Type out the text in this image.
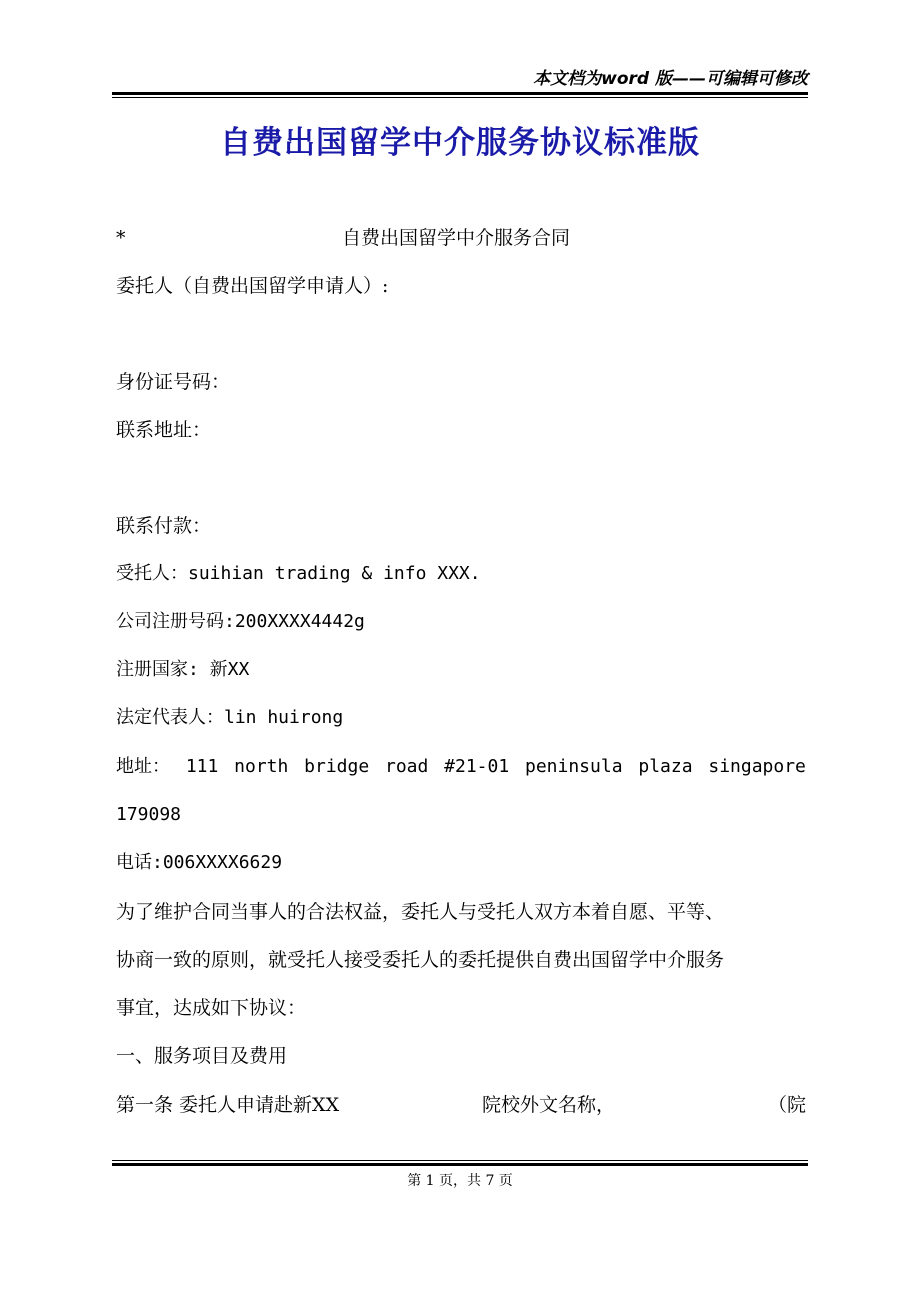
本文档为word 版——可编辑可修改
自费出国留学中介服务协议标准版
*	自费出国留学中介服务合同
委托人（自费出国留学申请人）:
身份证号码：
联系地址：
联系付款：
受托人：suihian trading & info XXX.
公司注册号码:200XXXX4442g
注册国家: 新XX
法定代表人：lin huirong
地址： 111 north bridge road #21-01 peninsula plaza singapore
179098
电话:006XXXX6629
为了维护合同当事人的合法权益，委托人与受托人双方本着自愿、平等、
协商一致的原则，就受托人接受委托人的委托提供自费出国留学中介服务
事宜，达成如下协议：
一、服务项目及费用
第一条 委托人申请赴新XX	院校外文名称，	（院
第 1 页，共 7 页
